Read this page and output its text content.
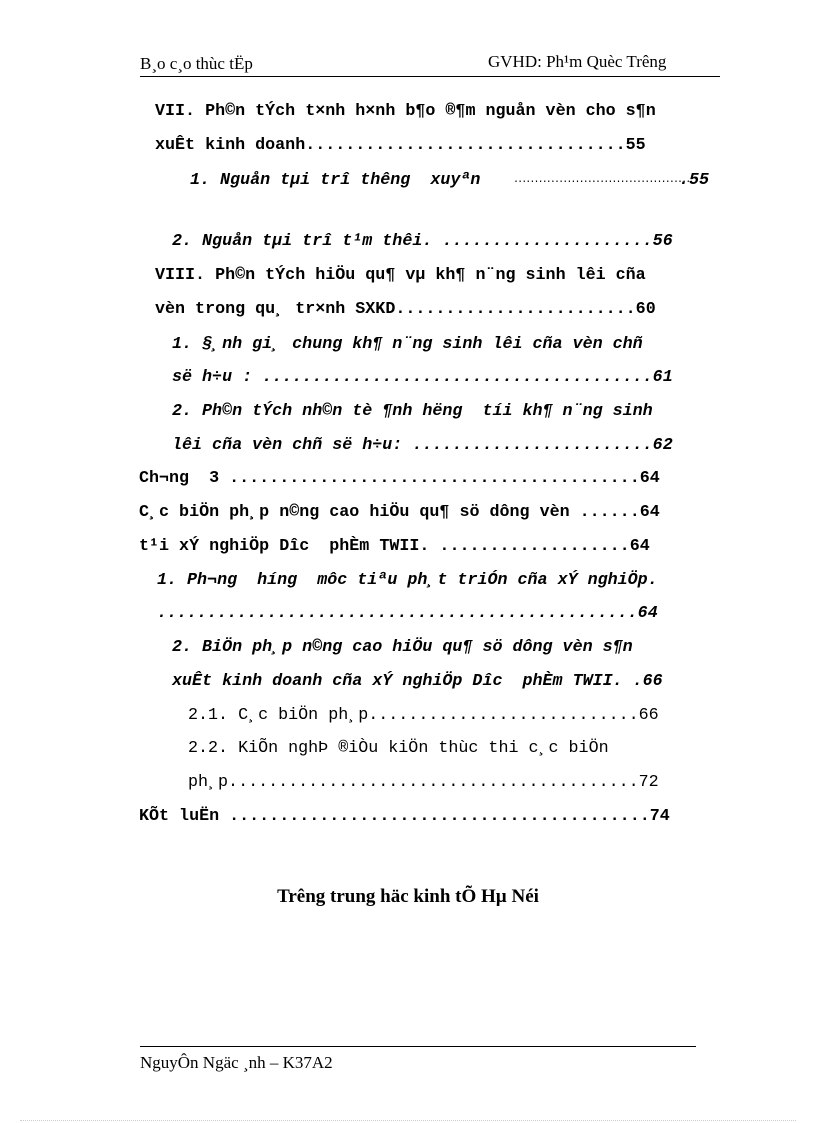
B¸o c¸o thùc tËp	GVHD: Ph¹m Quèc Trêng
VII. Ph©n tÝch t×nh h×nh b¶o ®¶m nguån vèn cho s¶n
xuÊt kinh doanh................................55
1. Nguån tµi trî thêng  xuyªn	...........................................
.55
2. Nguån tµi trî t¹m thêi. .....................56
VIII. Ph©n tÝch hiÖu qu¶ vµ kh¶ n¨ng sinh lêi cña
vèn trong qu¸ tr×nh SXKD........................60
1. §¸nh gi¸ chung kh¶ n¨ng sinh lêi cña vèn chñ
së h÷u : .......................................61
2. Ph©n tÝch nh©n tè ¶nh hëng  tíi kh¶ n¨ng sinh
lêi cña vèn chñ së h÷u: ........................62
Ch¬ng  3 .........................................64
C¸c biÖn ph¸p n©ng cao hiÖu qu¶ sö dông vèn ......64
t¹i xÝ nghiÖp Dîc  phÈm TWII. ...................64
1. Ph¬ng  híng  môc tiªu ph¸t triÓn cña xÝ nghiÖp.
................................................64
2. BiÖn ph¸p n©ng cao hiÖu qu¶ sö dông vèn s¶n
xuÊt kinh doanh cña xÝ nghiÖp Dîc  phÈm TWII. .66
2.1. C¸c biÖn ph¸p...........................66
2.2. KiÕn nghÞ ®iÒu kiÖn thùc thi c¸c biÖn
ph¸p.........................................72
KÕt luËn ..........................................74
Trêng trung häc kinh tÕ Hµ Néi
NguyÔn Ngäc ¸nh – K37A2
